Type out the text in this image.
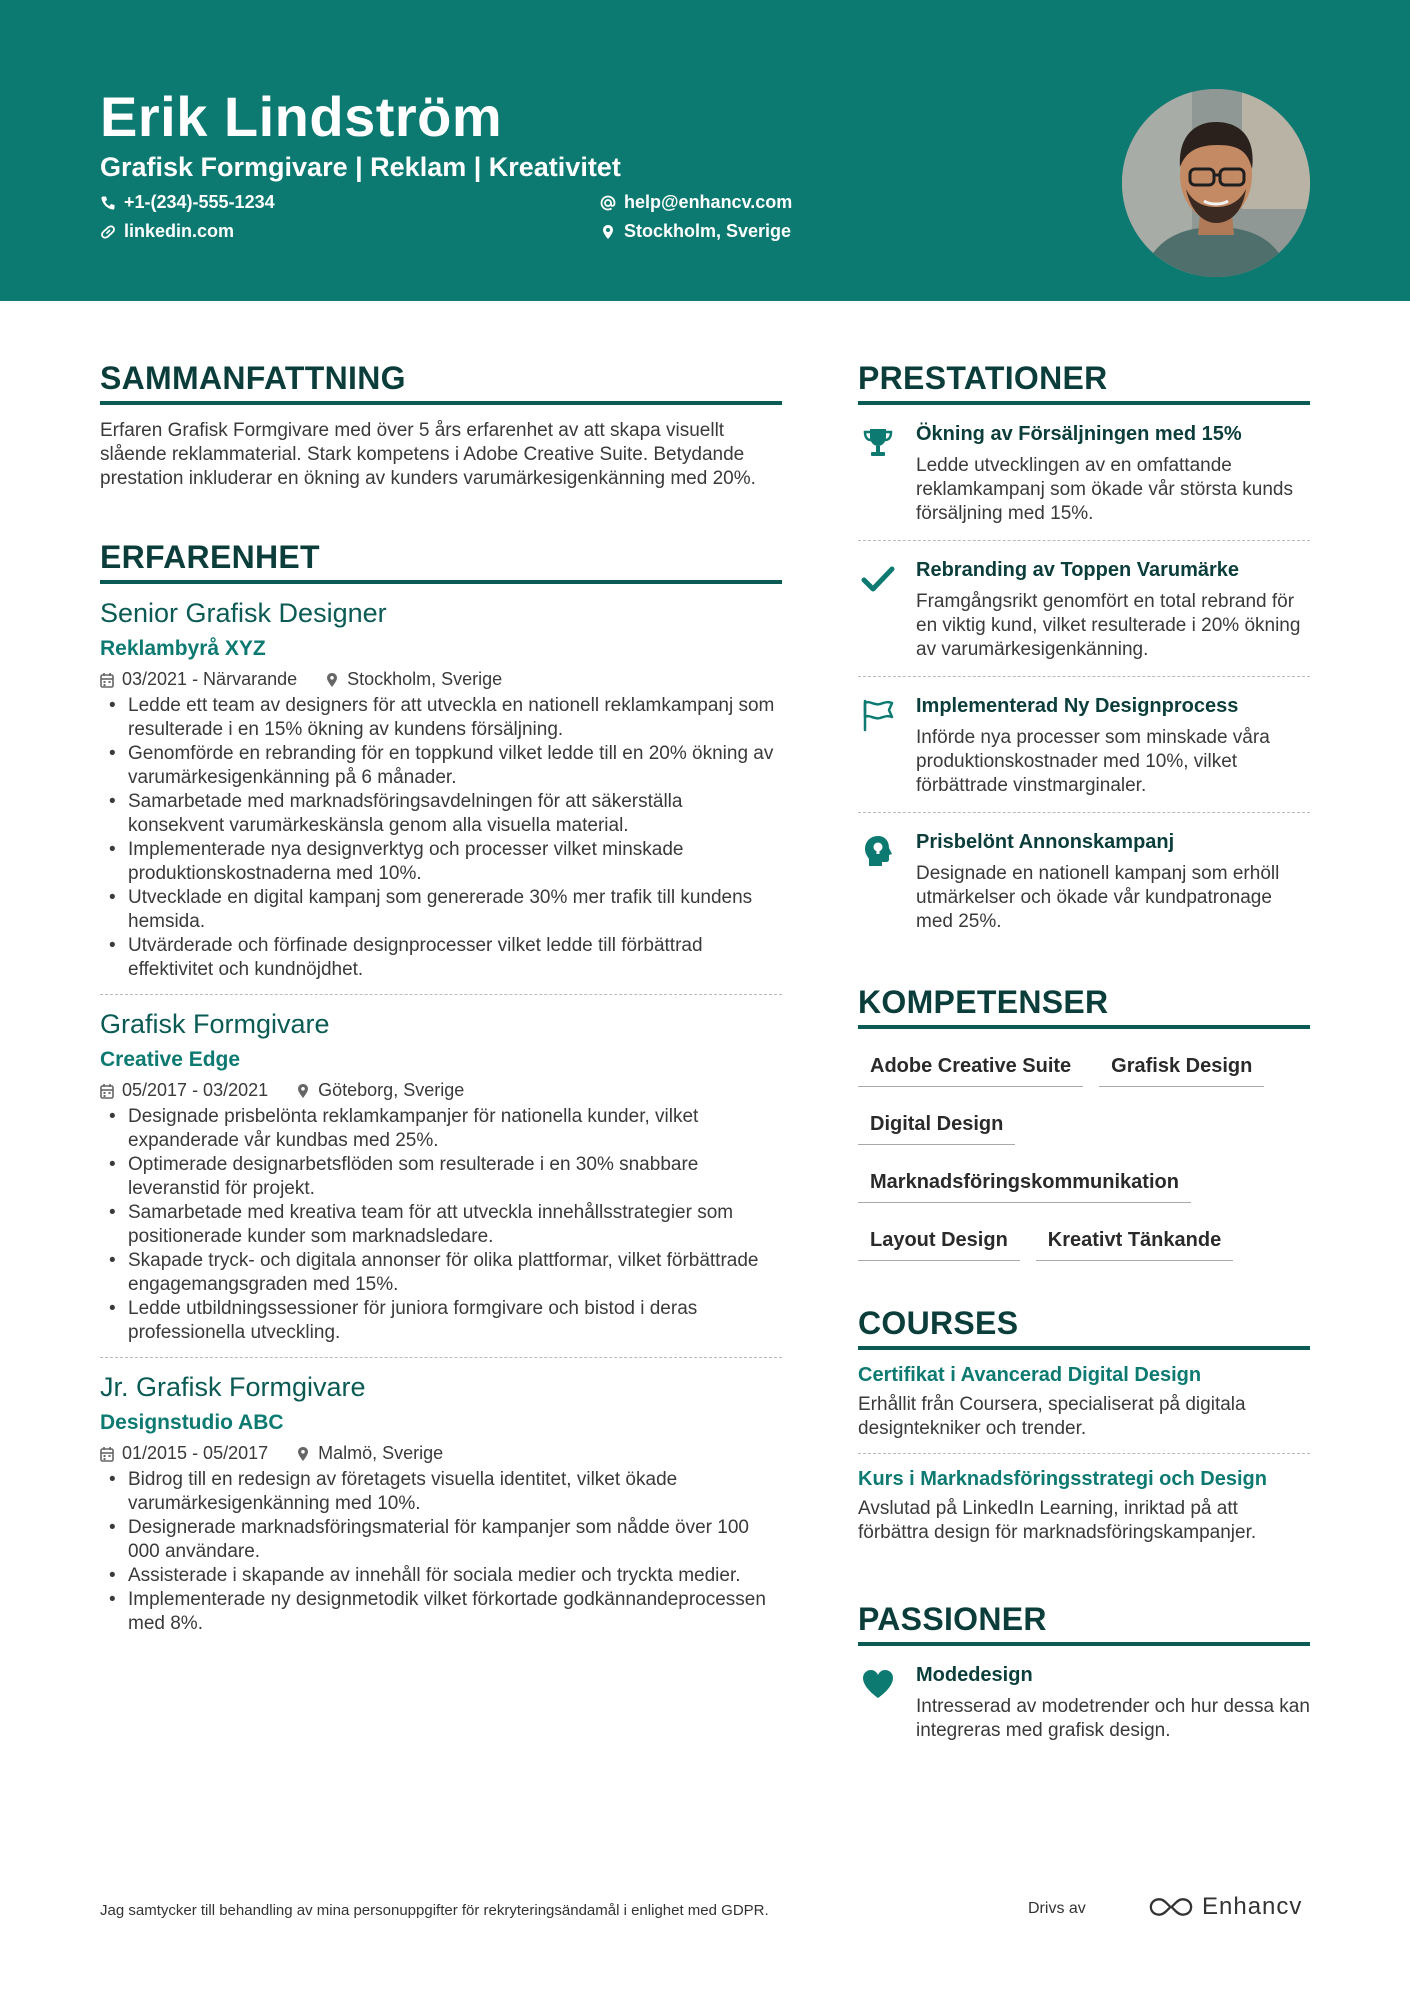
Erik Lindström
Grafisk Formgivare | Reklam | Kreativitet
+1-(234)-555-1234	help@enhancv.com
linkedin.com	Stockholm, Sverige
SAMMANFATTNING
Erfaren Grafisk Formgivare med över 5 års erfarenhet av att skapa visuellt slående reklammaterial. Stark kompetens i Adobe Creative Suite. Betydande prestation inkluderar en ökning av kunders varumärkesigenkänning med 20%.
ERFARENHET
Senior Grafisk Designer
Reklambyrå XYZ
03/2021 - Närvarande	Stockholm, Sverige
• Ledde ett team av designers för att utveckla en nationell reklamkampanj som resulterade i en 15% ökning av kundens försäljning.
• Genomförde en rebranding för en toppkund vilket ledde till en 20% ökning av varumärkesigenkänning på 6 månader.
• Samarbetade med marknadsföringsavdelningen för att säkerställa konsekvent varumärkeskänsla genom alla visuella material.
• Implementerade nya designverktyg och processer vilket minskade produktionskostnaderna med 10%.
• Utvecklade en digital kampanj som genererade 30% mer trafik till kundens hemsida.
• Utvärderade och förfinade designprocesser vilket ledde till förbättrad effektivitet och kundnöjdhet.
Grafisk Formgivare
Creative Edge
05/2017 - 03/2021	Göteborg, Sverige
• Designade prisbelönta reklamkampanjer för nationella kunder, vilket expanderade vår kundbas med 25%.
• Optimerade designarbetsflöden som resulterade i en 30% snabbare leveranstid för projekt.
• Samarbetade med kreativa team för att utveckla innehållsstrategier som positionerade kunder som marknadsledare.
• Skapade tryck- och digitala annonser för olika plattformar, vilket förbättrade engagemangsgraden med 15%.
• Ledde utbildningssessioner för juniora formgivare och bistod i deras professionella utveckling.
Jr. Grafisk Formgivare
Designstudio ABC
01/2015 - 05/2017	Malmö, Sverige
• Bidrog till en redesign av företagets visuella identitet, vilket ökade varumärkesigenkänning med 10%.
• Designerade marknadsföringsmaterial för kampanjer som nådde över 100 000 användare.
• Assisterade i skapande av innehåll för sociala medier och tryckta medier.
• Implementerade ny designmetodik vilket förkortade godkännandeprocessen med 8%.
PRESTATIONER
Ökning av Försäljningen med 15%
Ledde utvecklingen av en omfattande reklamkampanj som ökade vår största kunds försäljning med 15%.
Rebranding av Toppen Varumärke
Framgångsrikt genomfört en total rebrand för en viktig kund, vilket resulterade i 20% ökning av varumärkesigenkänning.
Implementerad Ny Designprocess
Införde nya processer som minskade våra produktionskostnader med 10%, vilket förbättrade vinstmarginaler.
Prisbelönt Annonskampanj
Designade en nationell kampanj som erhöll utmärkelser och ökade vår kundpatronage med 25%.
KOMPETENSER
Adobe Creative Suite	Grafisk Design
Digital Design
Marknadsföringskommunikation
Layout Design	Kreativt Tänkande
COURSES
Certifikat i Avancerad Digital Design
Erhållit från Coursera, specialiserat på digitala designtekniker och trender.
Kurs i Marknadsföringsstrategi och Design
Avslutad på LinkedIn Learning, inriktad på att förbättra design för marknadsföringskampanjer.
PASSIONER
Modedesign
Intresserad av modetrender och hur dessa kan integreras med grafisk design.
Jag samtycker till behandling av mina personuppgifter för rekryteringsändamål i enlighet med GDPR.	Drivs av	Enhancv
